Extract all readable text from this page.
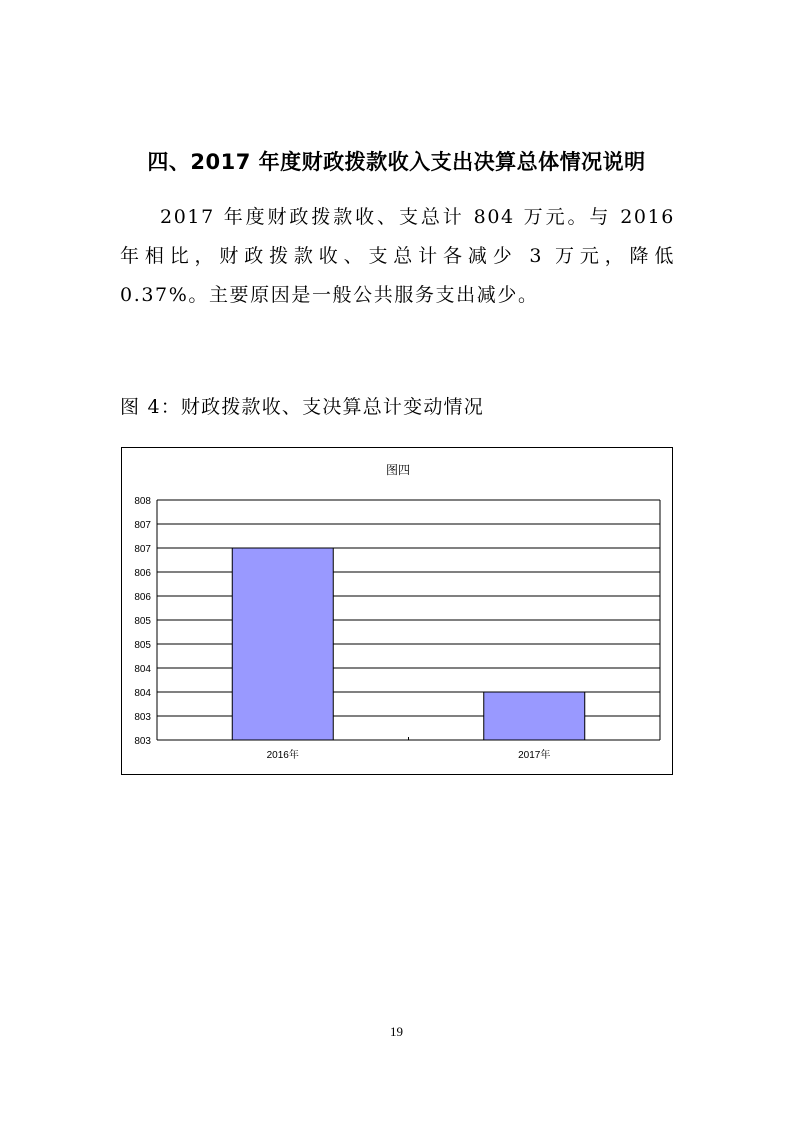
四、2017 年度财政拨款收入支出决算总体情况说明
2017 年度财政拨款收、支总计 804 万元。与 2016 年相比，财政拨款收、支总计各减少 3 万元，降低 0.37%。主要原因是一般公共服务支出减少。
图 4：财政拨款收、支决算总计变动情况
图四
803
803
804
804
805
805
806
806
807
807
808
2016年	2017年
19
